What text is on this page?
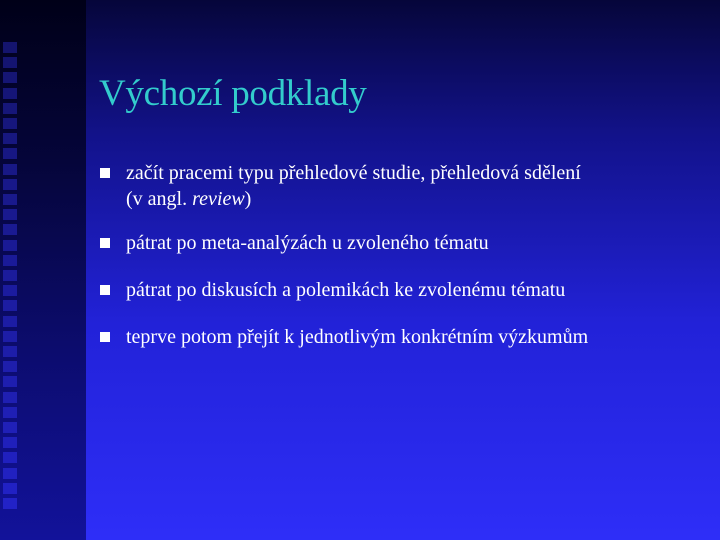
Výchozí podklady
začít pracemi typu přehledové studie, přehledová sdělení
(v angl. review)
pátrat po meta-analýzách u zvoleného tématu
pátrat po diskusích a polemikách ke zvolenému tématu
teprve potom přejít k jednotlivým konkrétním výzkumům
